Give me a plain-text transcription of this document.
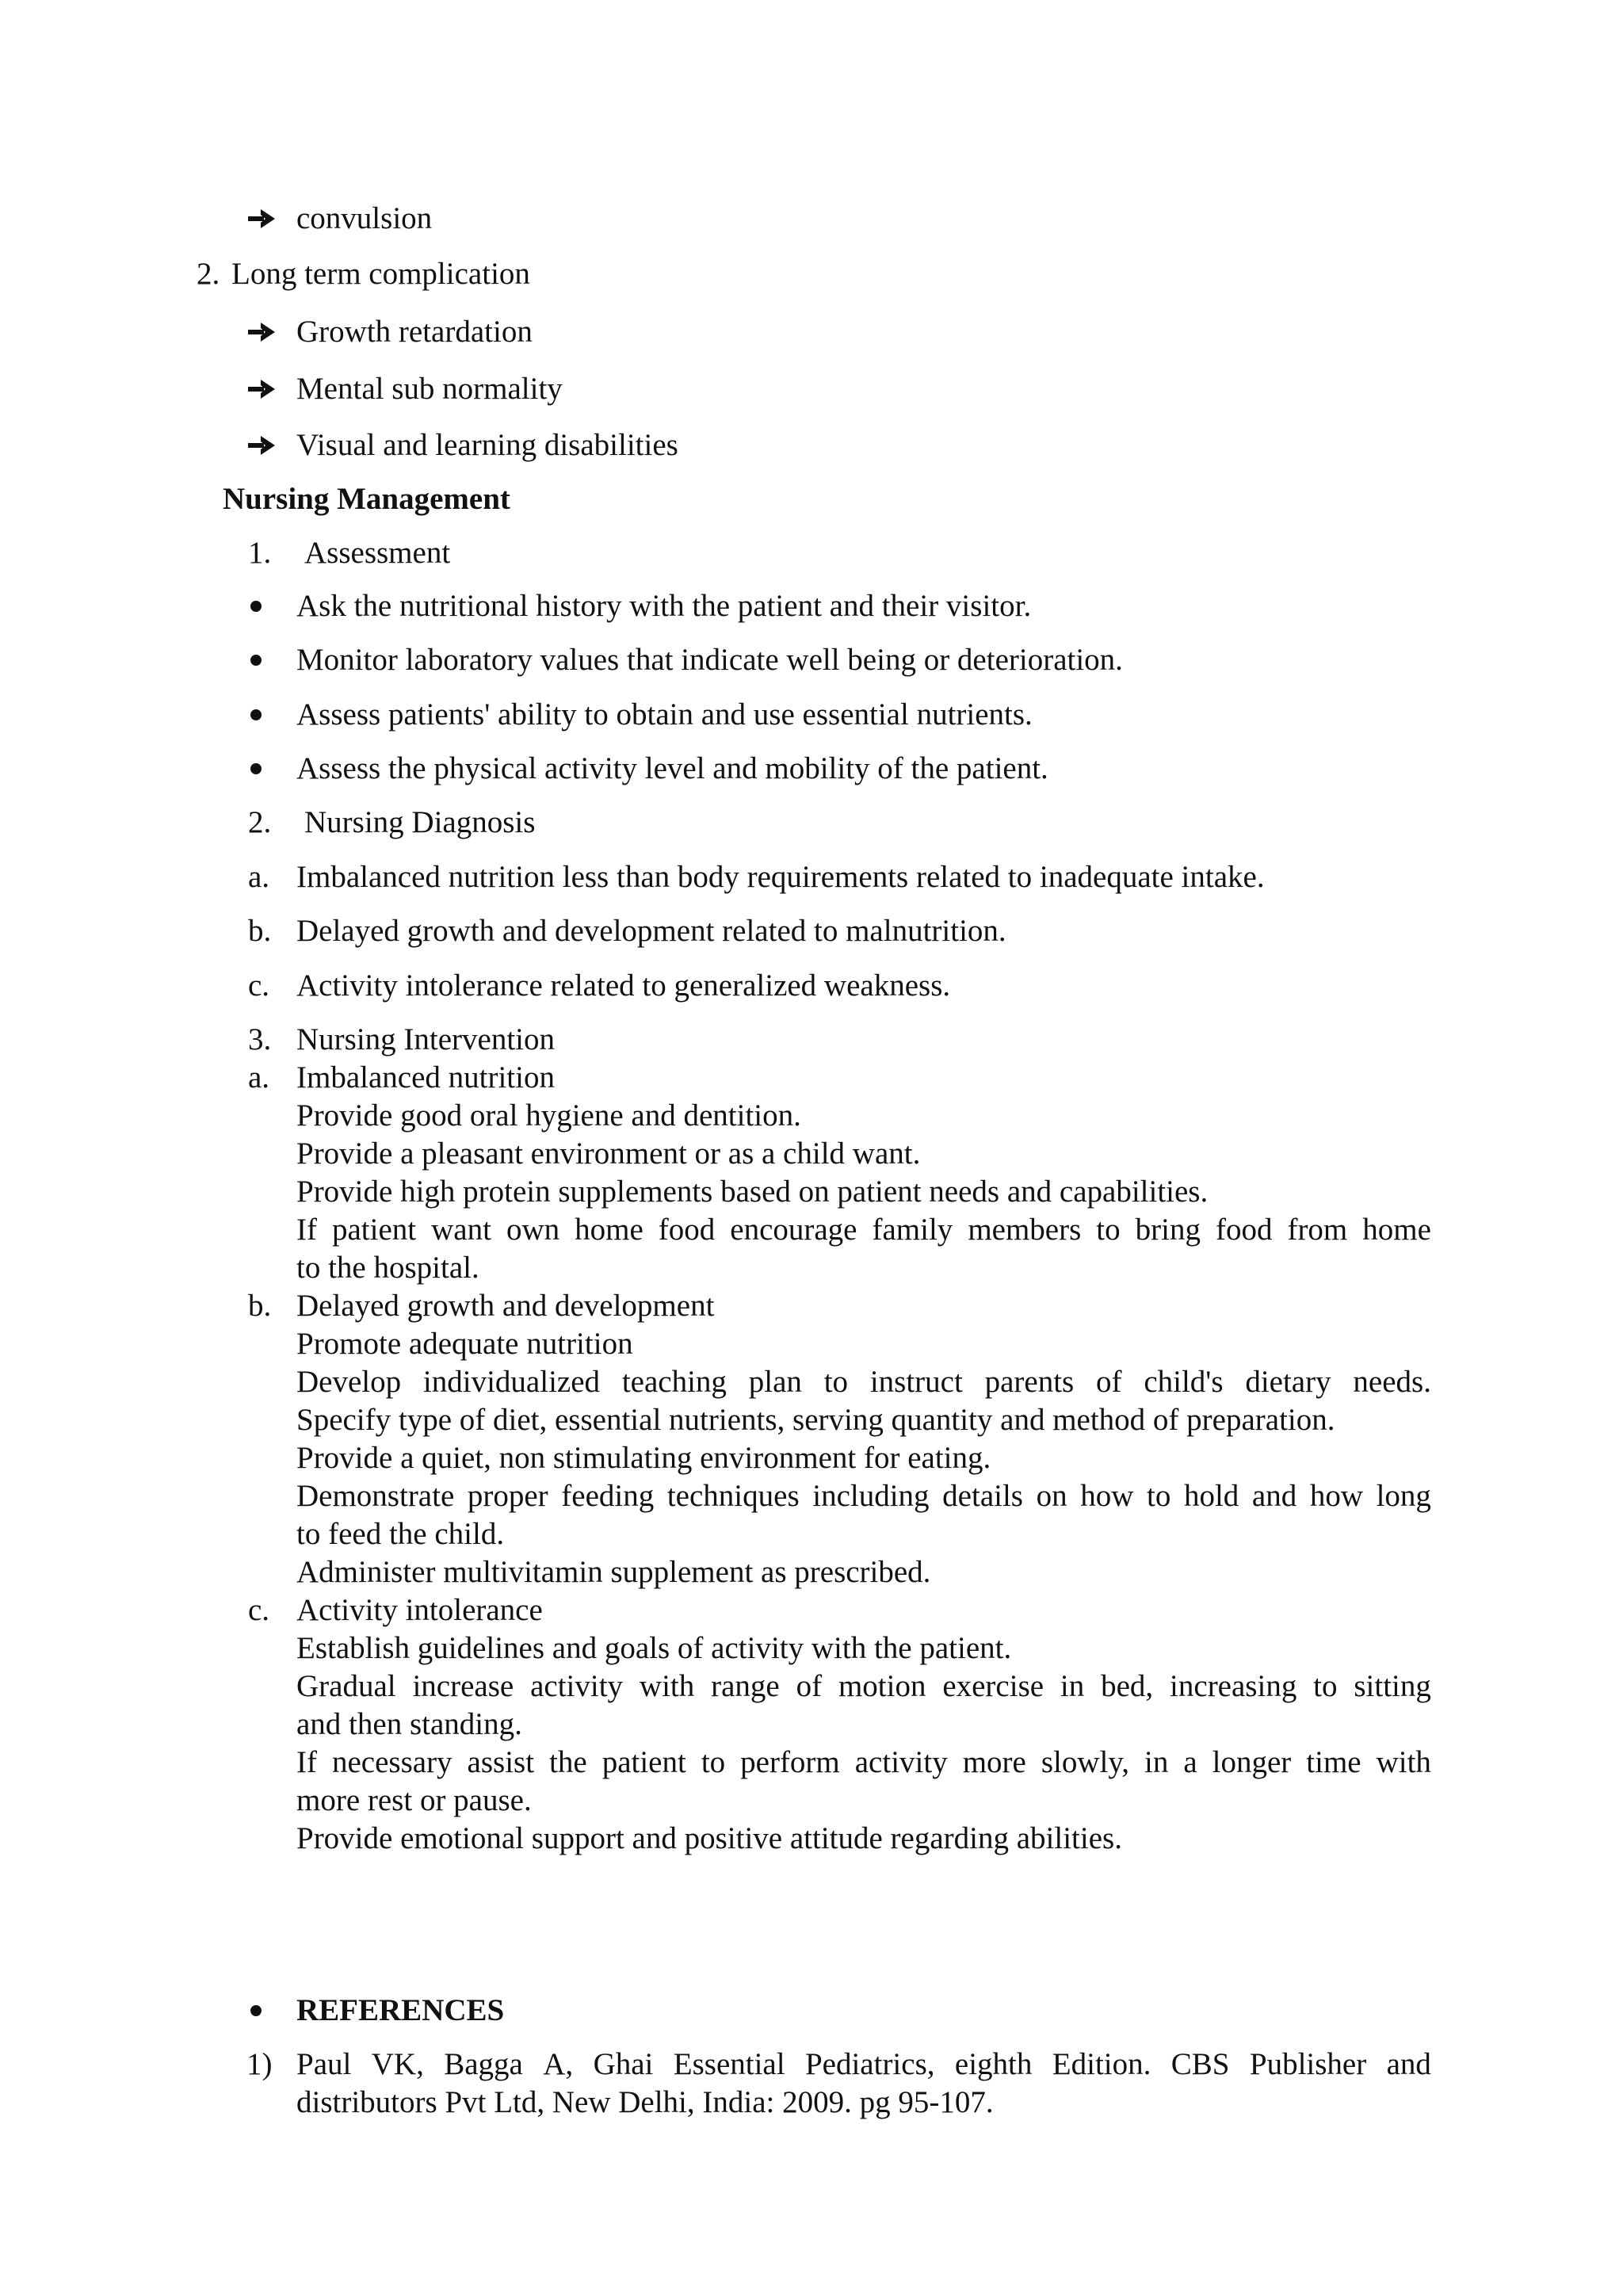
convulsion
2. Long term complication
Growth retardation
Mental sub normality
Visual and learning disabilities
Nursing Management
1. Assessment
Ask the nutritional history with the patient and their visitor.
Monitor laboratory values that indicate well being or deterioration.
Assess patients' ability to obtain and use essential nutrients.
Assess the physical activity level and mobility of the patient.
2. Nursing Diagnosis
a. Imbalanced nutrition less than body requirements related to inadequate intake.
b. Delayed growth and development related to malnutrition.
c. Activity intolerance related to generalized weakness.
3. Nursing Intervention
a. Imbalanced nutrition
Provide good oral hygiene and dentition.
Provide a pleasant environment or as a child want.
Provide high protein supplements based on patient needs and capabilities.
If patient want own home food encourage family members to bring food from home
to the hospital.
b. Delayed growth and development
Promote adequate nutrition
Develop individualized teaching plan to instruct parents of child's dietary needs.
Specify type of diet, essential nutrients, serving quantity and method of preparation.
Provide a quiet, non stimulating environment for eating.
Demonstrate proper feeding techniques including details on how to hold and how long
to feed the child.
Administer multivitamin supplement as prescribed.
c. Activity intolerance
Establish guidelines and goals of activity with the patient.
Gradual increase activity with range of motion exercise in bed, increasing to sitting
and then standing.
If necessary assist the patient to perform activity more slowly, in a longer time with
more rest or pause.
Provide emotional support and positive attitude regarding abilities.
REFERENCES
1) Paul VK, Bagga A, Ghai Essential Pediatrics, eighth Edition. CBS Publisher and
distributors Pvt Ltd, New Delhi, India: 2009. pg 95-107.
